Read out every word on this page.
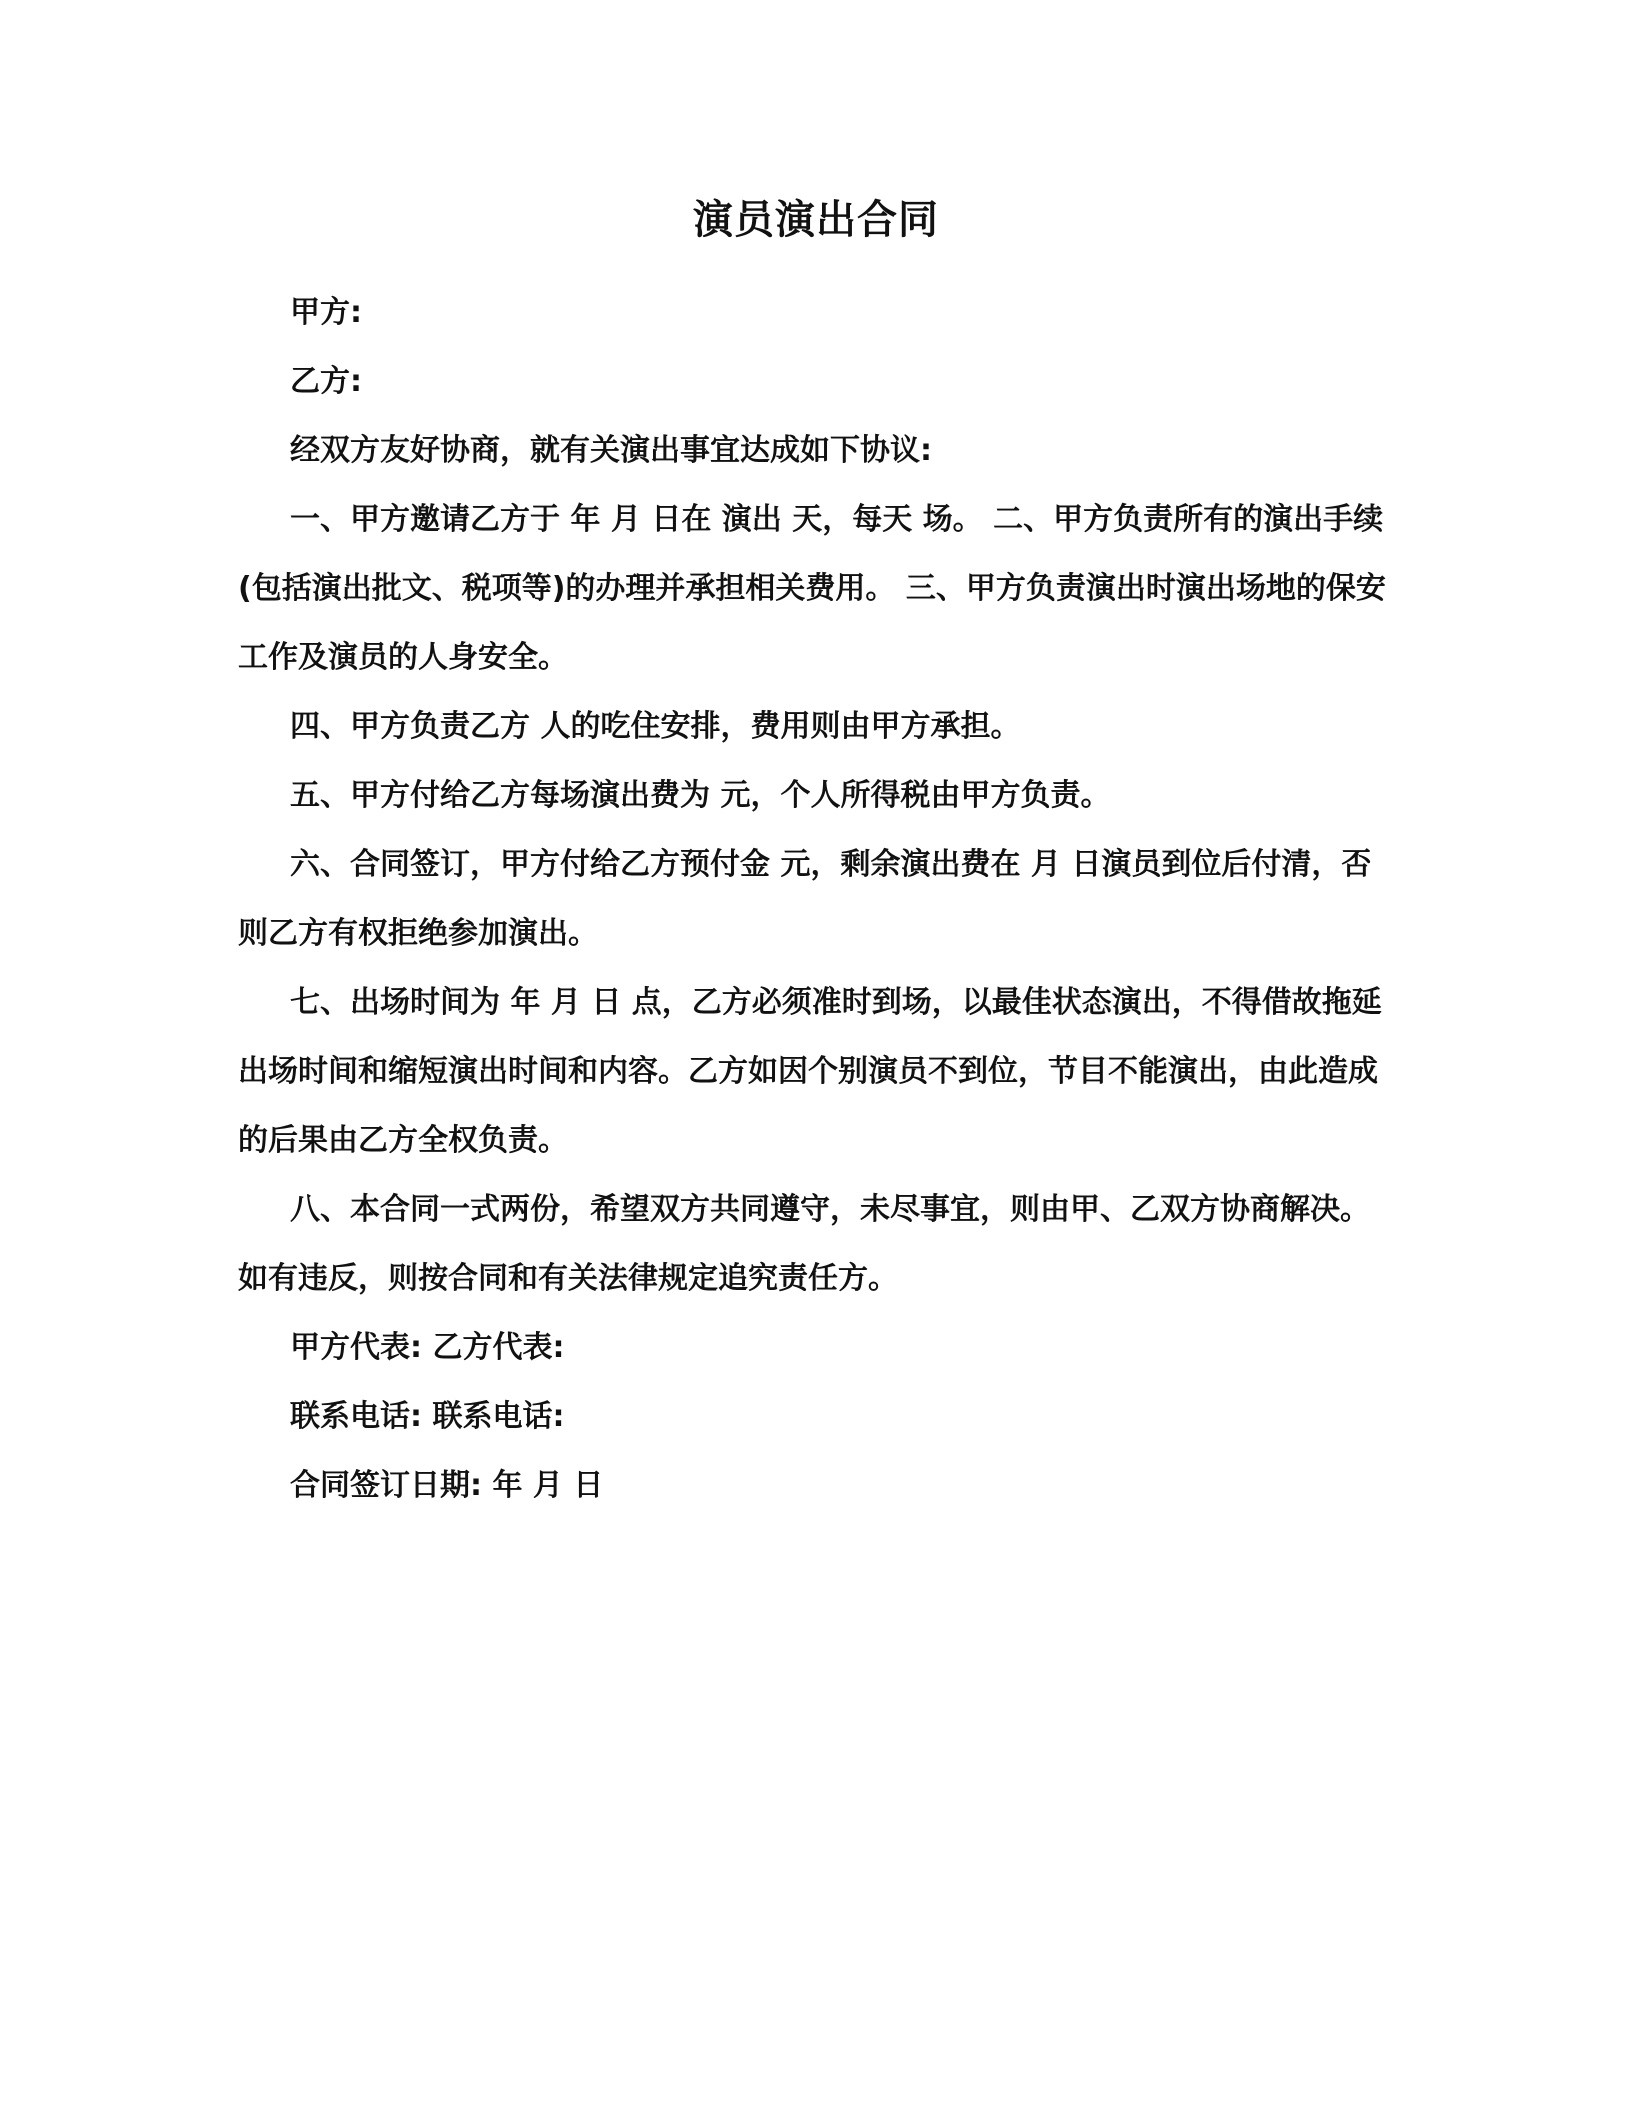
演员演出合同

甲方:

乙方:

经双方友好协商，就有关演出事宜达成如下协议:

一、甲方邀请乙方于 年 月 日在 演出 天，每天 场。 二、甲方负责所有的演出手续(包括演出批文、税项等)的办理并承担相关费用。 三、甲方负责演出时演出场地的保安工作及演员的人身安全。

四、甲方负责乙方 人的吃住安排，费用则由甲方承担。

五、甲方付给乙方每场演出费为 元，个人所得税由甲方负责。

六、合同签订，甲方付给乙方预付金 元，剩余演出费在 月 日演员到位后付清，否则乙方有权拒绝参加演出。

七、出场时间为 年 月 日 点，乙方必须准时到场，以最佳状态演出，不得借故拖延出场时间和缩短演出时间和内容。乙方如因个别演员不到位，节目不能演出，由此造成的后果由乙方全权负责。

八、本合同一式两份，希望双方共同遵守，未尽事宜，则由甲、乙双方协商解决。如有违反，则按合同和有关法律规定追究责任方。

甲方代表: 乙方代表:

联系电话: 联系电话:

合同签订日期: 年 月 日
